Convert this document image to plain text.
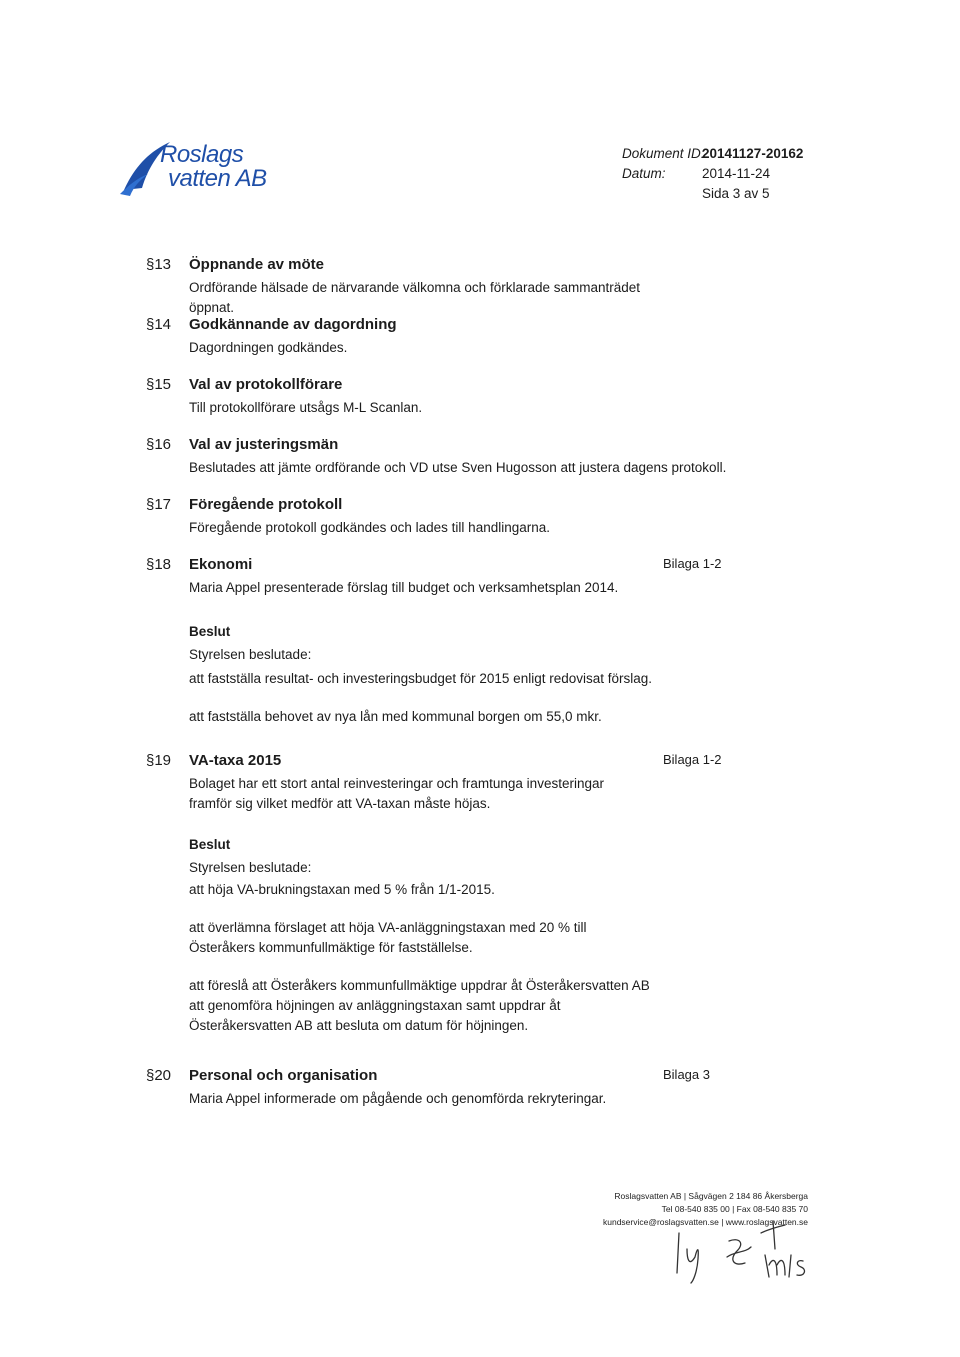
Roslags
vatten AB
Dokument ID:20141127-20162
Datum:	2014-11-24
Sida 3 av 5
§13 Öppnande av möte
Ordförande hälsade de närvarande välkomna och förklarade sammanträdet öppnat.
§14 Godkännande av dagordning
Dagordningen godkändes.
§15 Val av protokollförare
Till protokollförare utsågs M-L Scanlan.
§16 Val av justeringsmän
Beslutades att jämte ordförande och VD utse Sven Hugosson att justera dagens protokoll.
§17 Föregående protokoll
Föregående protokoll godkändes och lades till handlingarna.
§18 Ekonomi	Bilaga 1-2
Maria Appel presenterade förslag till budget och verksamhetsplan 2014.
Beslut
Styrelsen beslutade:
att fastställa resultat- och investeringsbudget för 2015 enligt redovisat förslag.
att fastställa behovet av nya lån med kommunal borgen om 55,0 mkr.
§19 VA-taxa 2015	Bilaga 1-2
Bolaget har ett stort antal reinvesteringar och framtunga investeringar framför sig vilket medför att VA-taxan måste höjas.
Beslut
Styrelsen beslutade:
att höja VA-brukningstaxan med 5 % från 1/1-2015.
att överlämna förslaget att höja VA-anläggningstaxan med 20 % till Österåkers kommunfullmäktige för fastställelse.
att föreslå att Österåkers kommunfullmäktige uppdrar åt Österåkersvatten AB att genomföra höjningen av anläggningstaxan samt uppdrar åt Österåkersvatten AB att besluta om datum för höjningen.
§20 Personal och organisation	Bilaga 3
Maria Appel informerade om pågående och genomförda rekryteringar.
Roslagsvatten AB | Sågvägen 2 184 86 Åkersberga
Tel 08-540 835 00 | Fax 08-540 835 70
kundservice@roslagsvatten.se | www.roslagsvatten.se
